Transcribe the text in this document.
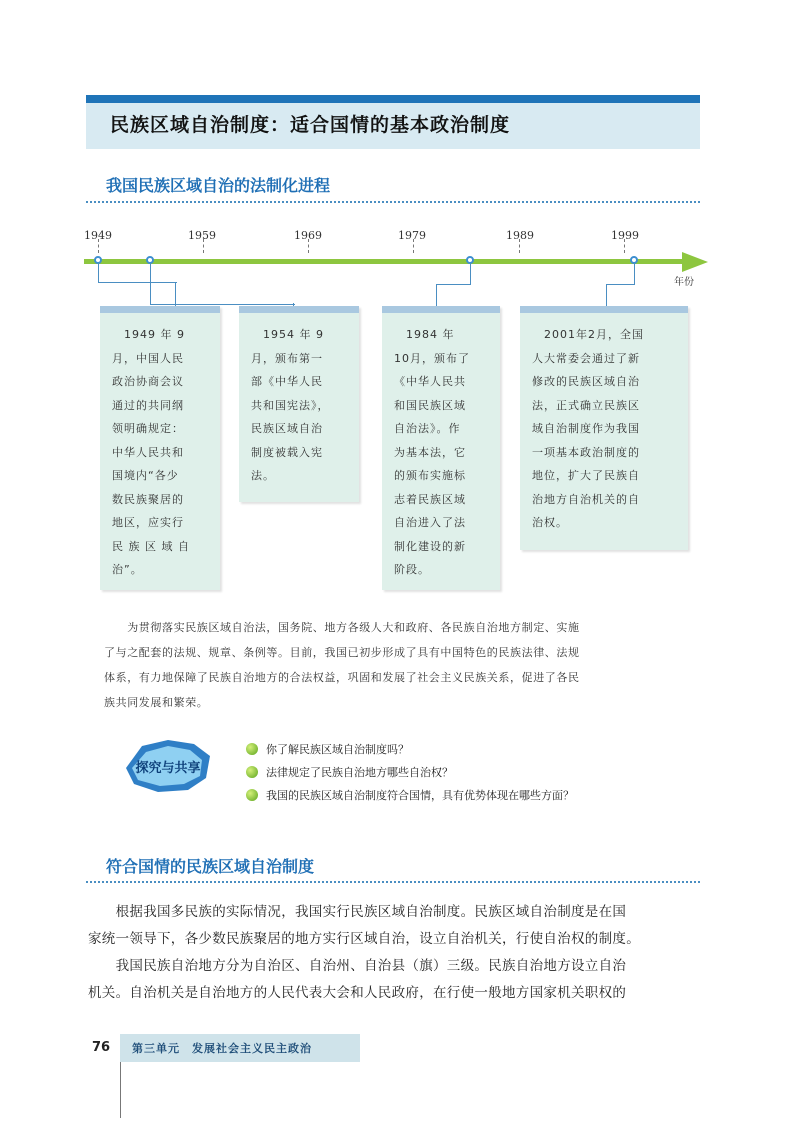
民族区域自治制度：适合国情的基本政治制度
我国民族区域自治的法制化进程
1949	1959	1969	1979	1989	1999
年份
　1949 年 9
月，中国人民
政治协商会议
通过的共同纲
领明确规定：
中华人民共和
国境内“各少
数民族聚居的
地区，应实行
民 族 区 域 自
治”。
　1954 年 9
月，颁布第一
部《中华人民
共和国宪法》，
民族区域自治
制度被载入宪
法。
　1984 年
10月，颁布了
《中华人民共
和国民族区域
自治法》。作
为基本法，它
的颁布实施标
志着民族区域
自治进入了法
制化建设的新
阶段。
　2001年2月，全国
人大常委会通过了新
修改的民族区域自治
法，正式确立民族区
域自治制度作为我国
一项基本政治制度的
地位，扩大了民族自
治地方自治机关的自
治权。
　　为贯彻落实民族区域自治法，国务院、地方各级人大和政府、各民族自治地方制定、实施
了与之配套的法规、规章、条例等。目前，我国已初步形成了具有中国特色的民族法律、法规
体系，有力地保障了民族自治地方的合法权益，巩固和发展了社会主义民族关系，促进了各民
族共同发展和繁荣。
探究与共享
你了解民族区域自治制度吗？
法律规定了民族自治地方哪些自治权？
我国的民族区域自治制度符合国情，具有优势体现在哪些方面？
符合国情的民族区域自治制度
　　根据我国多民族的实际情况，我国实行民族区域自治制度。民族区域自治制度是在国
家统一领导下，各少数民族聚居的地方实行区域自治，设立自治机关，行使自治权的制度。
　　我国民族自治地方分为自治区、自治州、自治县（旗）三级。民族自治地方设立自治
机关。自治机关是自治地方的人民代表大会和人民政府，在行使一般地方国家机关职权的
第三单元　发展社会主义民主政治
76
